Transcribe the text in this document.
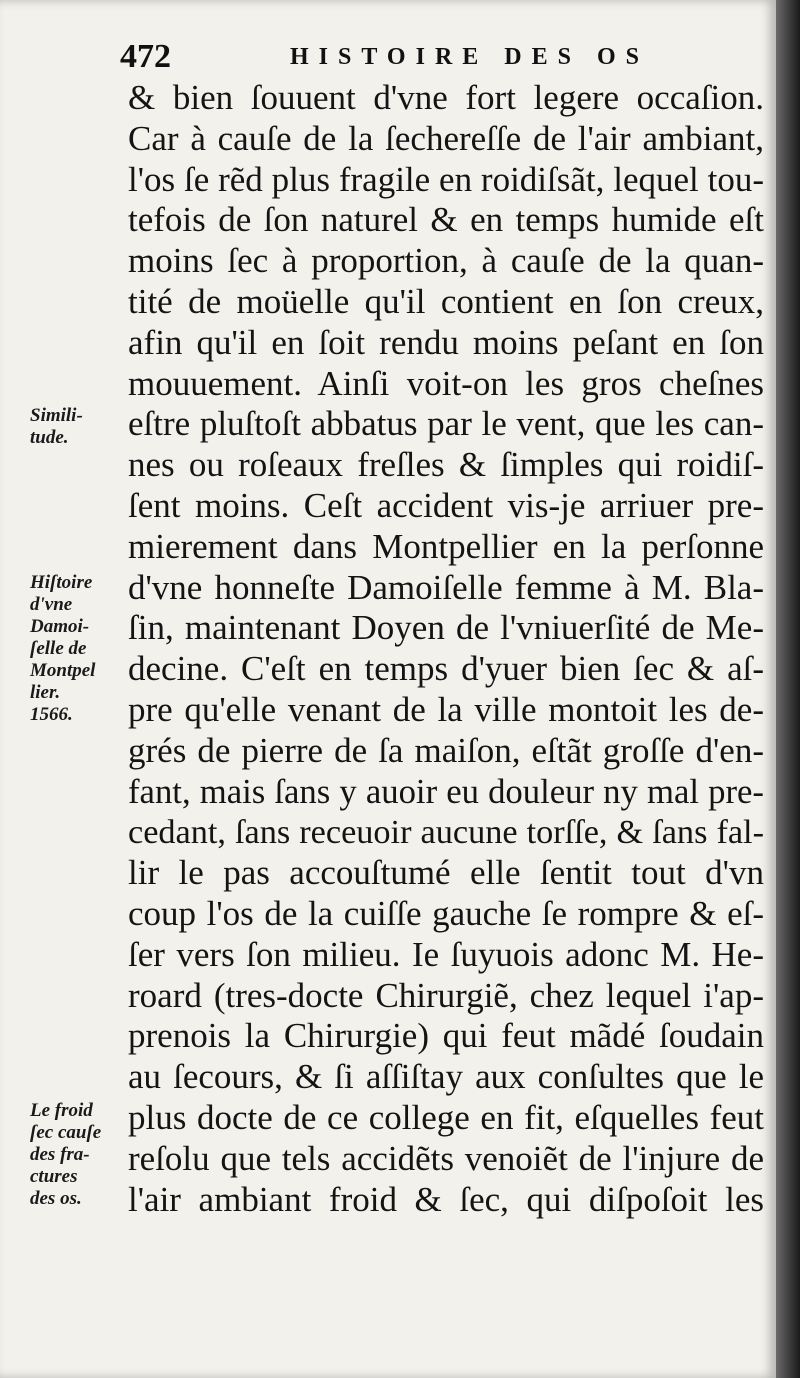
472	HISTOIRE DES OS
& bien ſouuent d'vne fort legere occaſion.
Car à cauſe de la ſechereſſe de l'air ambiant,
l'os ſe rẽd plus fragile en roidiſsãt, lequel tou-
tefois de ſon naturel & en temps humide eſt
moins ſec à proportion, à cauſe de la quan-
tité de moüelle qu'il contient en ſon creux,
afin qu'il en ſoit rendu moins peſant en ſon
mouuement. Ainſi voit-on les gros cheſnes
eſtre pluſtoſt abbatus par le vent, que les can-
nes ou roſeaux freſles & ſimples qui roidiſ-
ſent moins. Ceſt accident vis-je arriuer pre-
mierement dans Montpellier en la perſonne
d'vne honneſte Damoiſelle femme à M. Bla-
ſin, maintenant Doyen de l'vniuerſité de Me-
decine. C'eſt en temps d'yuer bien ſec & aſ-
pre qu'elle venant de la ville montoit les de-
grés de pierre de ſa maiſon, eſtãt groſſe d'en-
fant, mais ſans y auoir eu douleur ny mal pre-
cedant, ſans receuoir aucune torſſe, & ſans fal-
lir le pas accouſtumé elle ſentit tout d'vn
coup l'os de la cuiſſe gauche ſe rompre & eſ-
ſer vers ſon milieu. Ie ſuyuois adonc M. He-
roard (tres-docte Chirurgiẽ, chez lequel i'ap-
prenois la Chirurgie) qui feut mãdé ſoudain
au ſecours, & ſi aſſiſtay aux conſultes que le
plus docte de ce college en fit, eſquelles feut
reſolu que tels accidẽts venoiẽt de l'injure de
l'air ambiant froid & ſec, qui diſpoſoit les
Simili-
tude.
Hiſtoire
d'vne
Damoi-
ſelle de
Montpel
lier.
1566.
Le froid
ſec cauſe
des fra-
ctures
des os.
